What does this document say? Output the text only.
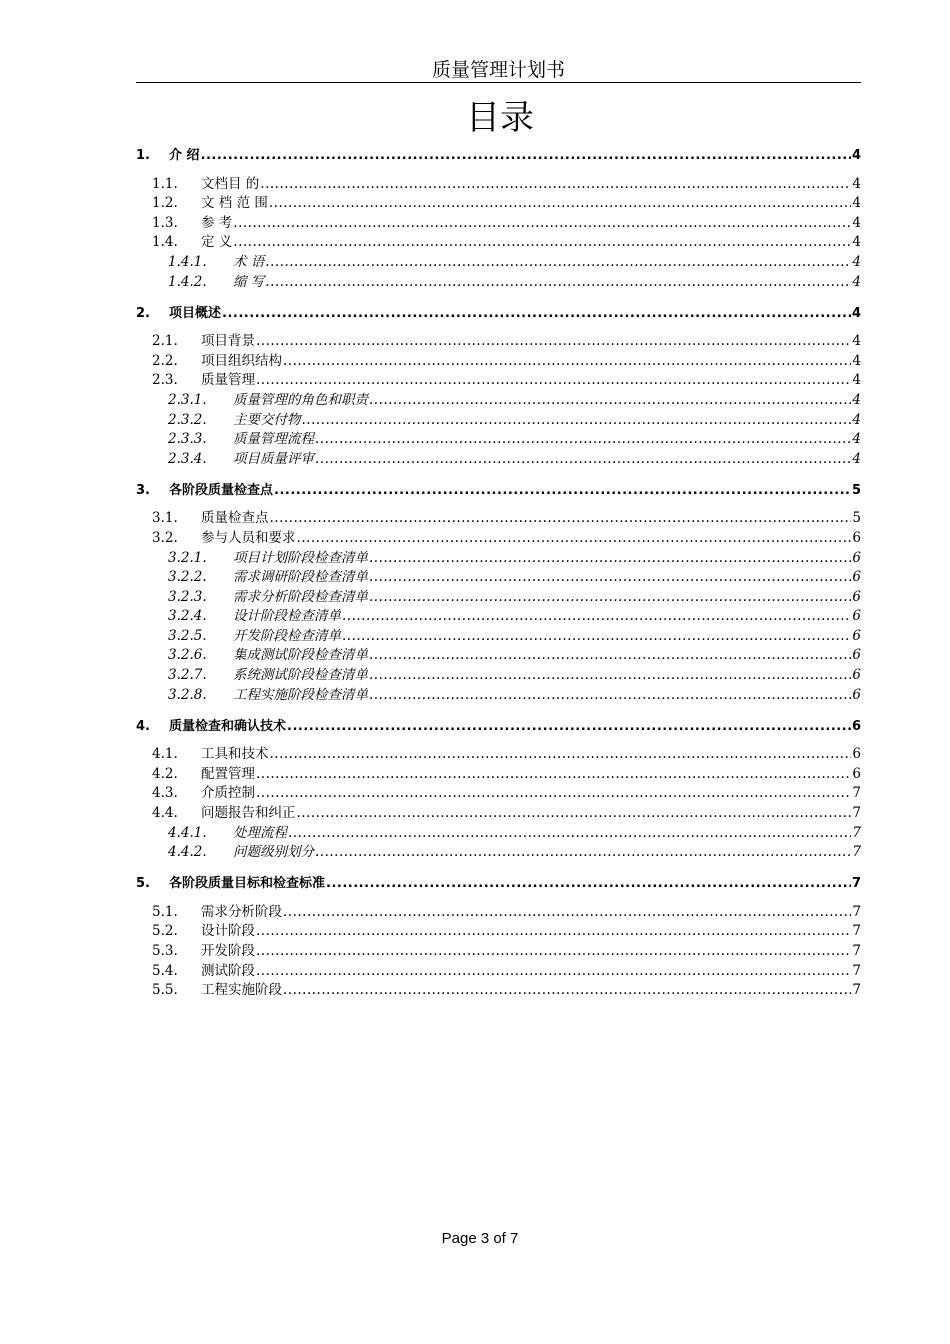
质量管理计划书
目录
1.	介 绍 .....	4
1.1.	文档目 的 .....	4
1.2.	文 档 范 围 .....	4
1.3.	参 考 .....	4
1.4.	定 义 .....	4
1.4.1.	术 语 .....	4
1.4.2.	缩 写 .....	4
2.	项目概述 .....	4
2.1.	项目背景 .....	4
2.2.	项目组织结构 .....	4
2.3.	质量管理 .....	4
2.3.1.	质量管理的角色和职责 .....	4
2.3.2.	主要交付物 .....	4
2.3.3.	质量管理流程 .....	4
2.3.4.	项目质量评审 .....	4
3.	各阶段质量检查点 .....	5
3.1.	质量检查点 .....	5
3.2.	参与人员和要求 .....	6
3.2.1.	项目计划阶段检查清单 .....	6
3.2.2.	需求调研阶段检查清单 .....	6
3.2.3.	需求分析阶段检查清单 .....	6
3.2.4.	设计阶段检查清单 .....	6
3.2.5.	开发阶段检查清单 .....	6
3.2.6.	集成测试阶段检查清单 .....	6
3.2.7.	系统测试阶段检查清单 .....	6
3.2.8.	工程实施阶段检查清单 .....	6
4.	质量检查和确认技术 .....	6
4.1.	工具和技术 .....	6
4.2.	配置管理 .....	6
4.3.	介质控制 .....	7
4.4.	问题报告和纠正 .....	7
4.4.1.	处理流程 .....	7
4.4.2.	问题级别划分 .....	7
5.	各阶段质量目标和检查标准 .....	7
5.1.	需求分析阶段 .....	7
5.2.	设计阶段 .....	7
5.3.	开发阶段 .....	7
5.4.	测试阶段 .....	7
5.5.	工程实施阶段 .....	7
Page 3 of 7
